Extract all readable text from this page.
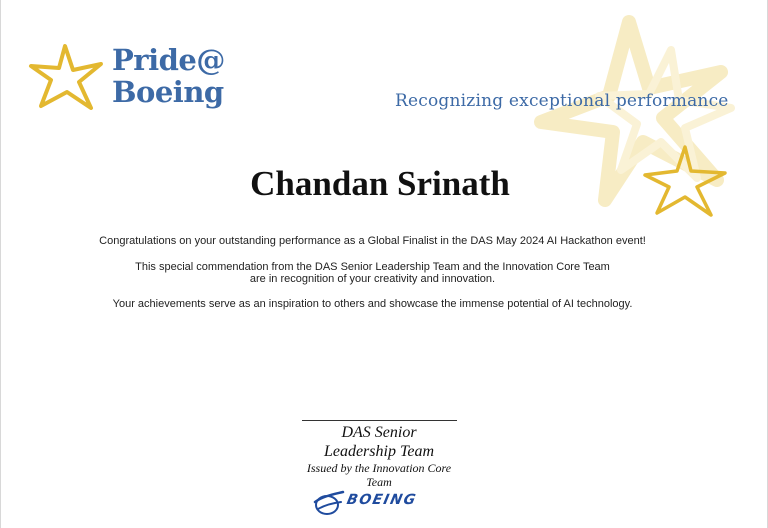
Pride@
Boeing	Recognizing exceptional performance
Chandan Srinath
Congratulations on your outstanding performance as a Global Finalist in the DAS May 2024 AI Hackathon event!
This special commendation from the DAS Senior Leadership Team and the Innovation Core Team
are in recognition of your creativity and innovation.
Your achievements serve as an inspiration to others and showcase the immense potential of AI technology.
DAS Senior
Leadership Team
Issued by the Innovation Core
Team
BOEING
